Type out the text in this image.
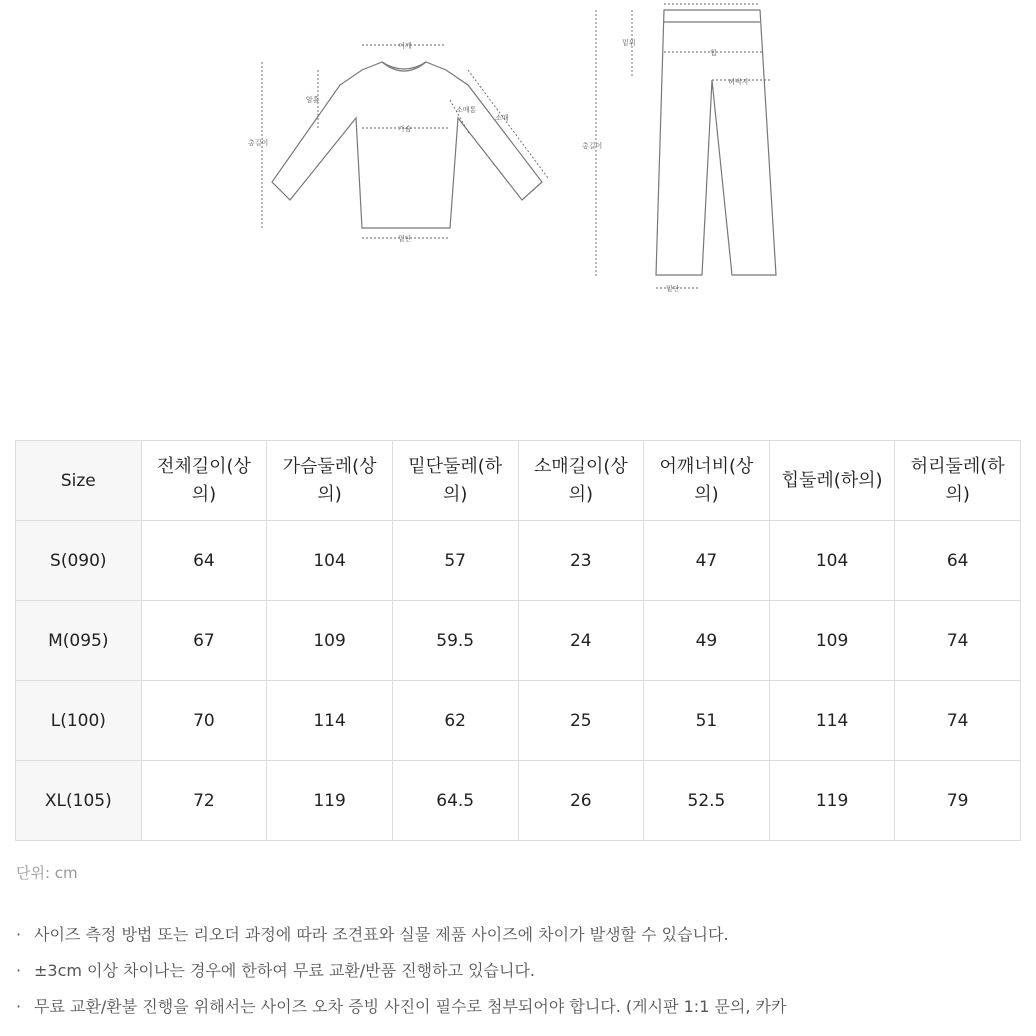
어깨
총길이
암홀
가슴
소매
소매통
밑단
밑위
힙
허벅지
총길이
밑단
Size	전체길이(상
의)	가슴둘레(상
의)	밑단둘레(하
의)	소매길이(상
의)	어깨너비(상
의)	힙둘레(하의)	허리둘레(하
의)
S(090)	64	104	57	23	47	104	64
M(095)	67	109	59.5	24	49	109	74
L(100)	70	114	62	25	51	114	74
XL(105)	72	119	64.5	26	52.5	119	79
단위: cm
· 사이즈 측정 방법 또는 리오더 과정에 따라 조견표와 실물 제품 사이즈에 차이가 발생할 수 있습니다.
· ±3cm 이상 차이나는 경우에 한하여 무료 교환/반품 진행하고 있습니다.
· 무료 교환/환불 진행을 위해서는 사이즈 오차 증빙 사진이 필수로 첨부되어야 합니다. (게시판 1:1 문의, 카카
